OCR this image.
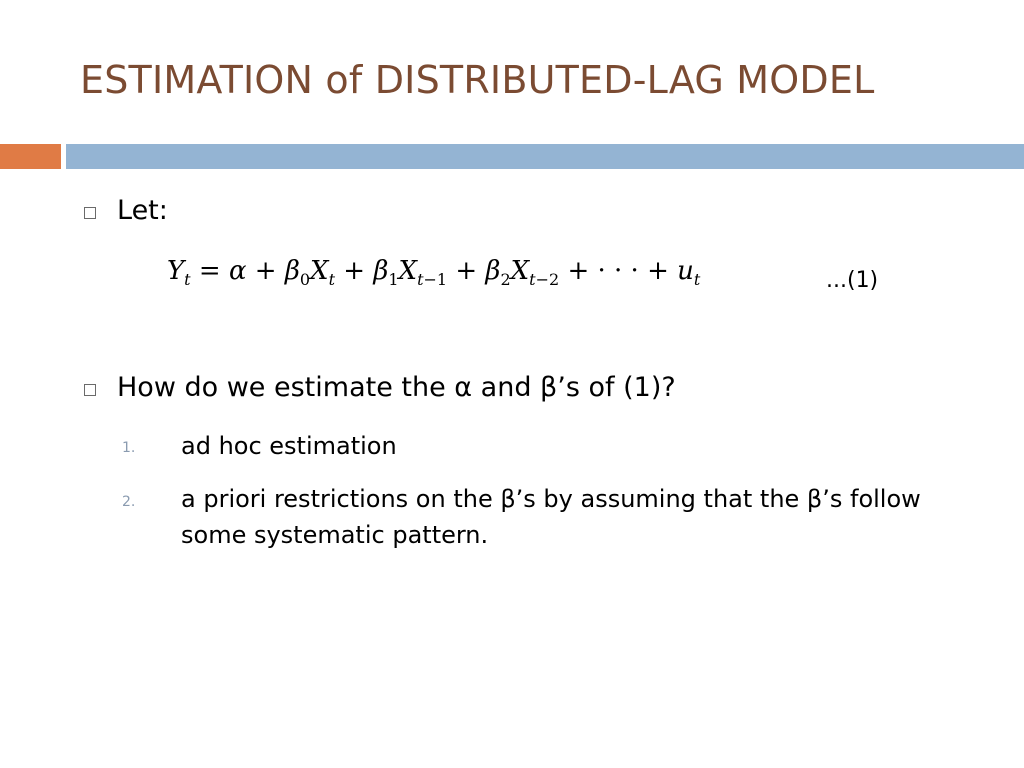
ESTIMATION of DISTRIBUTED-LAG MODEL
Let:
$Y_t = \alpha + \beta_0X_t + \beta_1X_{t-1} + \beta_2X_{t-2}$ + · · · + $u_t$	...(1)
How do we estimate the α and β’s of (1)?
1. ad hoc estimation
2. a priori restrictions on the β’s by assuming that the β’s follow some systematic pattern.
